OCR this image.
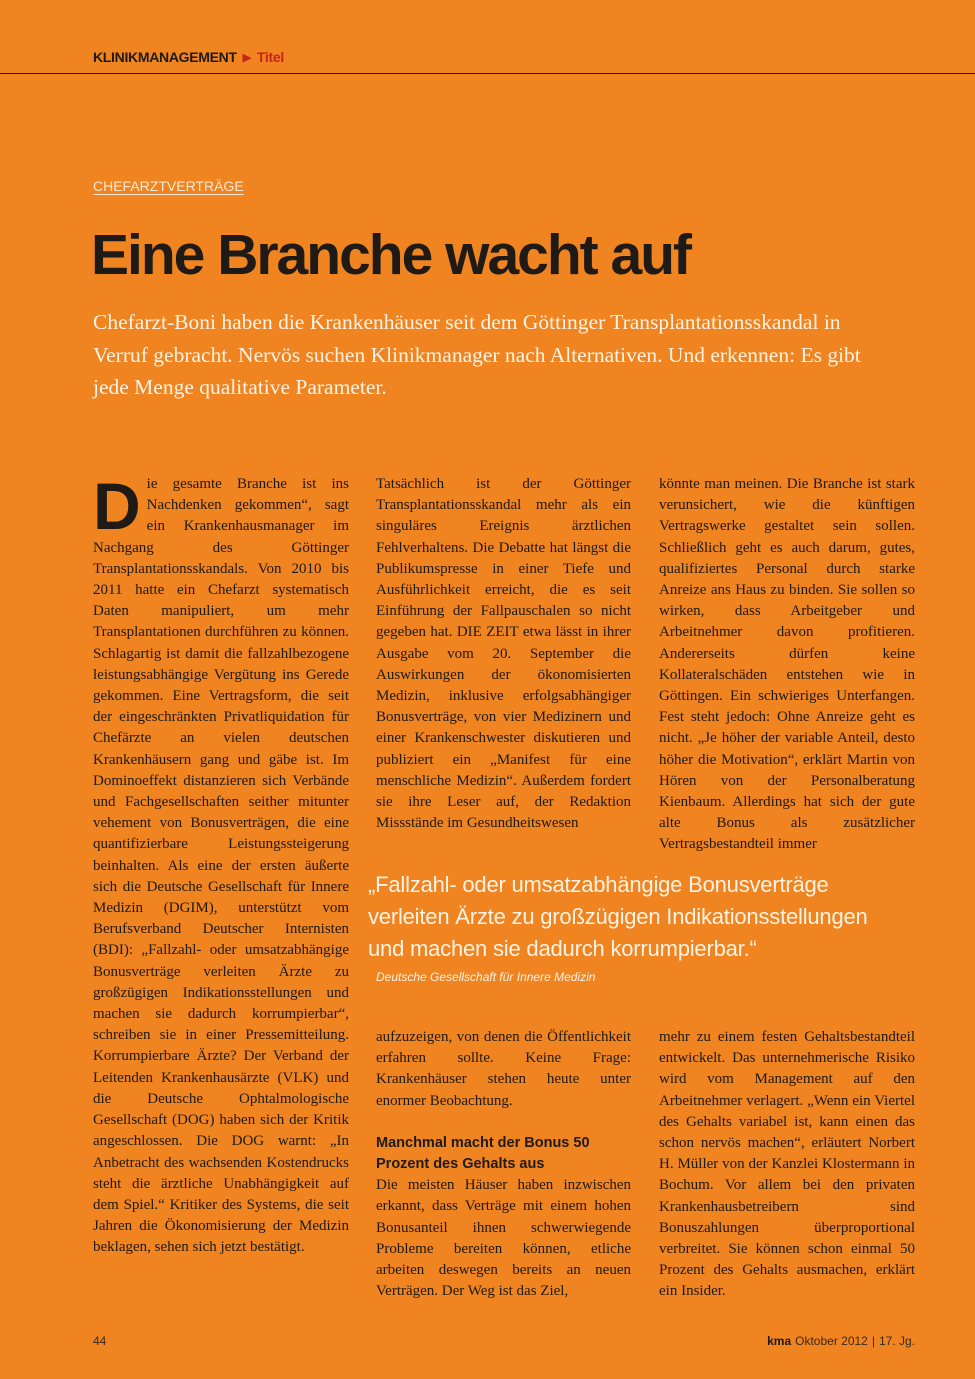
KLINIKMANAGEMENT ▶ Titel
CHEFARZTVERTRÄGE
Eine Branche wacht auf

Chefarzt-Boni haben die Krankenhäuser seit dem Göttinger Transplantationsskandal in Verruf gebracht. Nervös suchen Klinikmanager nach Alternativen. Und erkennen: Es gibt jede Menge qualitative Parameter.

D ie gesamte Branche ist ins Nachdenken gekommen“, sagt ein Krankenhausmanager im Nachgang des Göttinger Transplantationsskandals. Von 2010 bis 2011 hatte ein Chefarzt systematisch Daten manipuliert, um mehr Transplantationen durchführen zu können. Schlagartig ist damit die fallzahlbezogene leistungsabhängige Vergütung ins Gerede gekommen. Eine Vertragsform, die seit der eingeschränkten Privatliquidation für Chefärzte an vielen deutschen Krankenhäusern gang und gäbe ist. Im Dominoeffekt distanzieren sich Verbände und Fachgesellschaften seither mitunter vehement von Bonusverträgen, die eine quantifizierbare Leistungssteigerung beinhalten. Als eine der ersten äußerte sich die Deutsche Gesellschaft für Innere Medizin (DGIM), unterstützt vom Berufsverband Deutscher Internisten (BDI): „Fallzahl- oder umsatzabhängige Bonusverträge verleiten Ärzte zu großzügigen Indikationsstellungen und machen sie dadurch korrumpierbar“, schreiben sie in einer Pressemitteilung. Korrumpierbare Ärzte? Der Verband der Leitenden Krankenhausärzte (VLK) und die Deutsche Ophtalmologische Gesellschaft (DOG) haben sich der Kritik angeschlossen. Die DOG warnt: „In Anbetracht des wachsenden Kostendrucks steht die ärztliche Unabhängigkeit auf dem Spiel.“ Kritiker des Systems, die seit Jahren die Ökonomisierung der Medizin beklagen, sehen sich jetzt bestätigt.

Tatsächlich ist der Göttinger Transplantationsskandal mehr als ein singuläres Ereignis ärztlichen Fehlverhaltens. Die Debatte hat längst die Publikumspresse in einer Tiefe und Ausführlichkeit erreicht, die es seit Einführung der Fallpauschalen so nicht gegeben hat. DIE ZEIT etwa lässt in ihrer Ausgabe vom 20. September die Auswirkungen der ökonomisierten Medizin, inklusive erfolgsabhängiger Bonusverträge, von vier Medizinern und einer Krankenschwester diskutieren und publiziert ein „Manifest für eine menschliche Medizin“. Außerdem fordert sie ihre Leser auf, der Redaktion Missstände im Gesundheitswesen

könnte man meinen. Die Branche ist stark verunsichert, wie die künftigen Vertragswerke gestaltet sein sollen. Schließlich geht es auch darum, gutes, qualifiziertes Personal durch starke Anreize ans Haus zu binden. Sie sollen so wirken, dass Arbeitgeber und Arbeitnehmer davon profitieren. Andererseits dürfen keine Kollateralschäden entstehen wie in Göttingen. Ein schwieriges Unterfangen. Fest steht jedoch: Ohne Anreize geht es nicht. „Je höher der variable Anteil, desto höher die Motivation“, erklärt Martin von Hören von der Personalberatung Kienbaum. Allerdings hat sich der gute alte Bonus als zusätzlicher Vertragsbestandteil immer

„Fallzahl- oder umsatzabhängige Bonusverträge verleiten Ärzte zu großzügigen Indikationsstellungen und machen sie dadurch korrumpierbar.“

Deutsche Gesellschaft für Innere Medizin

aufzuzeigen, von denen die Öffentlichkeit erfahren sollte. Keine Frage: Krankenhäuser stehen heute unter enormer Beobachtung.

Manchmal macht der Bonus 50 Prozent des Gehalts aus

Die meisten Häuser haben inzwischen erkannt, dass Verträge mit einem hohen Bonusanteil ihnen schwerwiegende Probleme bereiten können, etliche arbeiten deswegen bereits an neuen Verträgen. Der Weg ist das Ziel,

mehr zu einem festen Gehaltsbestandteil entwickelt. Das unternehmerische Risiko wird vom Management auf den Arbeitnehmer verlagert. „Wenn ein Viertel des Gehalts variabel ist, kann einen das schon nervös machen“, erläutert Norbert H. Müller von der Kanzlei Klostermann in Bochum. Vor allem bei den privaten Krankenhausbetreibern sind Bonuszahlungen überproportional verbreitet. Sie können schon einmal 50 Prozent des Gehalts ausmachen, erklärt ein Insider.

44	kma Oktober 2012 | 17. Jg.
